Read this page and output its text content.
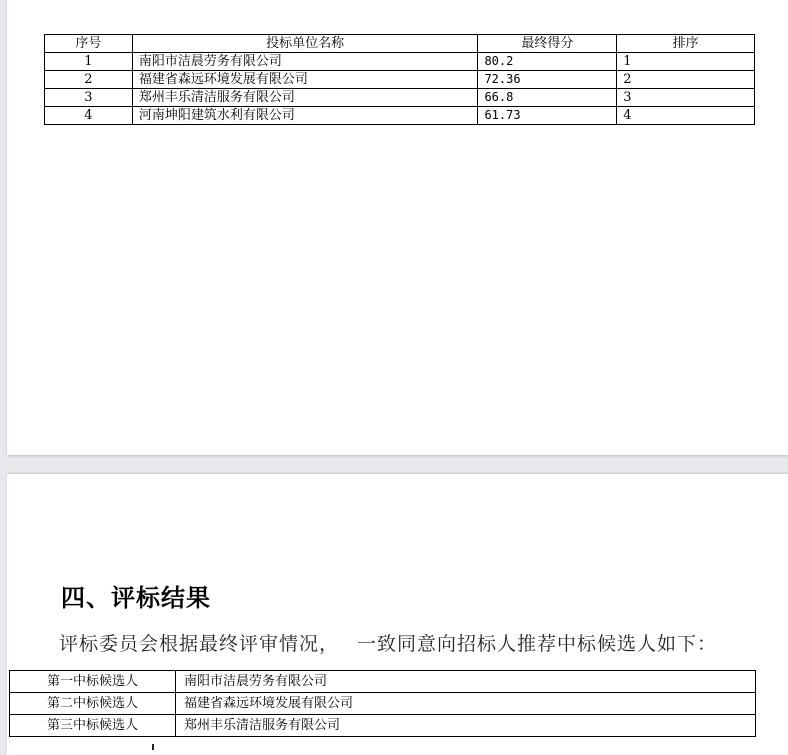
序号	投标单位名称	最终得分	排序
1	南阳市洁晨劳务有限公司	80.2	1
2	福建省森远环境发展有限公司	72.36	2
3	郑州丰乐清洁服务有限公司	66.8	3
4	河南坤阳建筑水利有限公司	61.73	4
四、评标结果

评标委员会根据最终评审情况， 一致同意向招标人推荐中标候选人如下：

第一中标候选人	南阳市洁晨劳务有限公司
第二中标候选人	福建省森远环境发展有限公司
第三中标候选人	郑州丰乐清洁服务有限公司
